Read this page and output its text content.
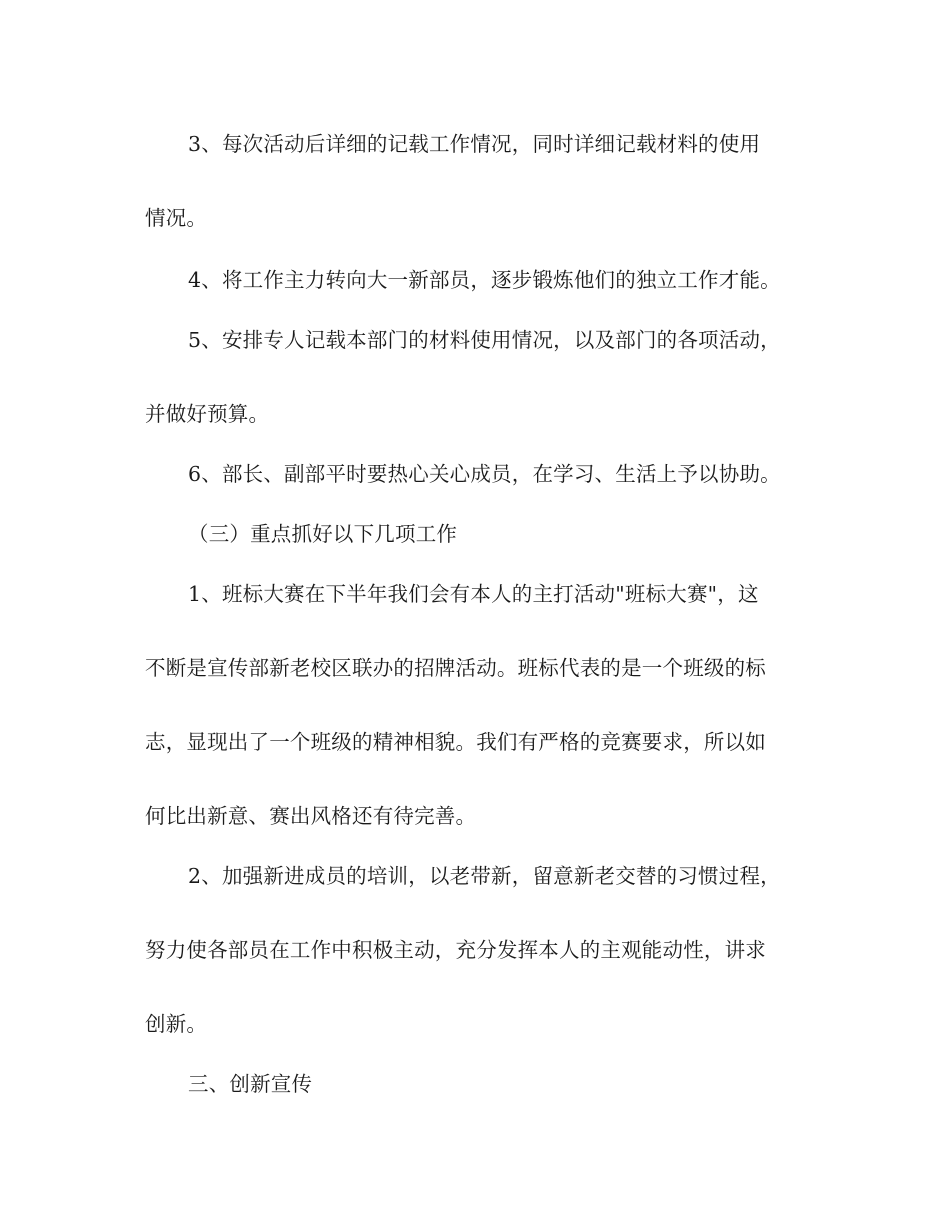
3、每次活动后详细的记载工作情况，同时详细记载材料的使用
情况。
4、将工作主力转向大一新部员，逐步锻炼他们的独立工作才能。
5、安排专人记载本部门的材料使用情况，以及部门的各项活动，
并做好预算。
6、部长、副部平时要热心关心成员，在学习、生活上予以协助。
（三）重点抓好以下几项工作
1、班标大赛在下半年我们会有本人的主打活动"班标大赛"，这
不断是宣传部新老校区联办的招牌活动。班标代表的是一个班级的标
志，显现出了一个班级的精神相貌。我们有严格的竞赛要求，所以如
何比出新意、赛出风格还有待完善。
2、加强新进成员的培训，以老带新，留意新老交替的习惯过程，
努力使各部员在工作中积极主动，充分发挥本人的主观能动性，讲求
创新。
三、创新宣传
